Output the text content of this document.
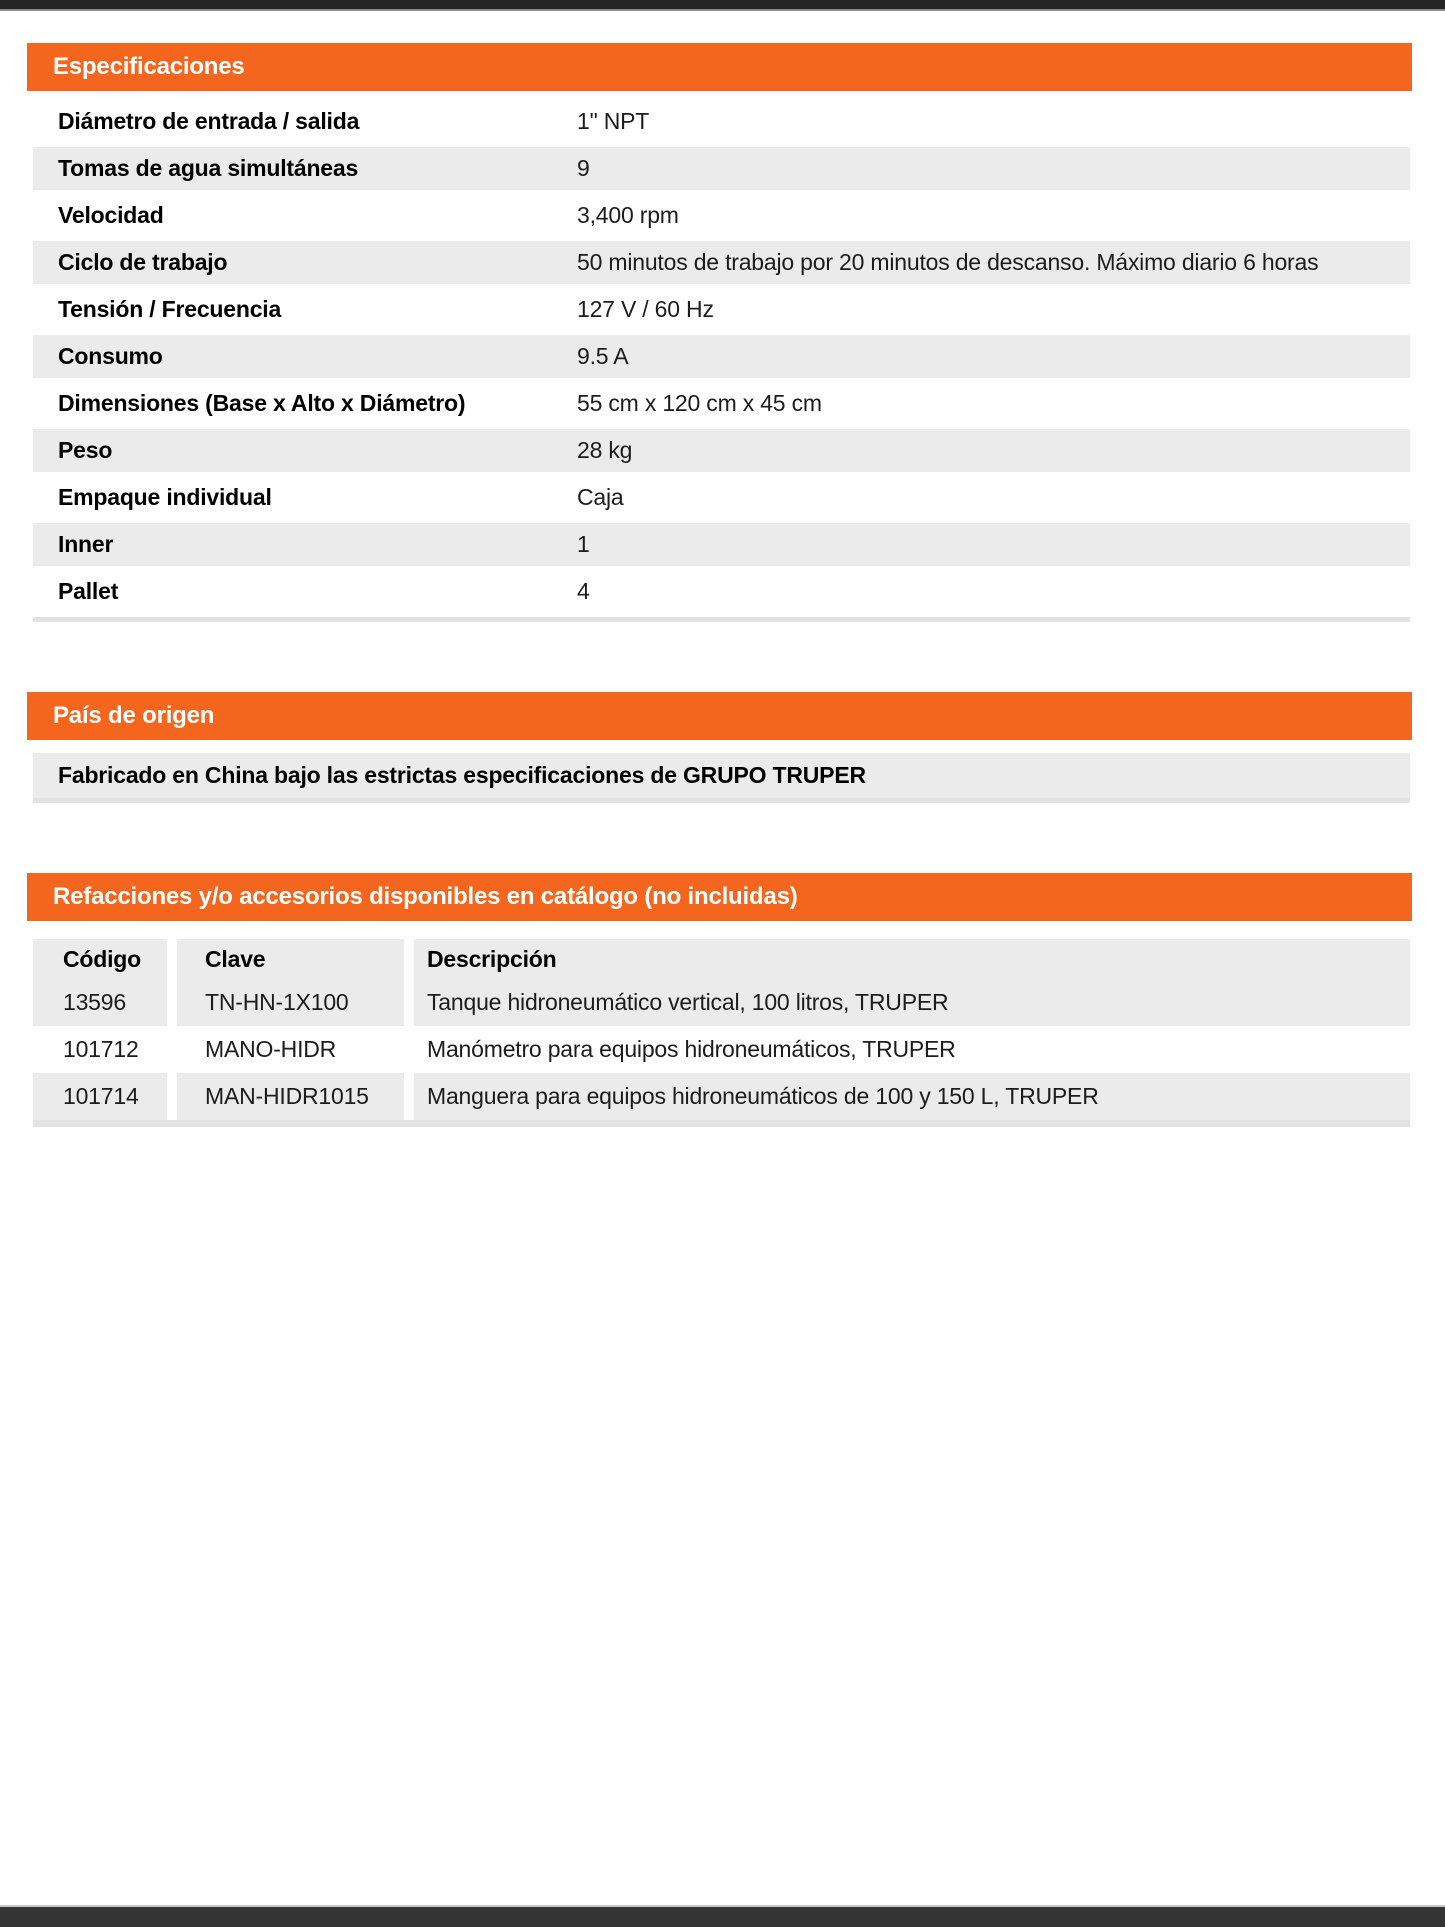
Especificaciones
Diámetro de entrada / salida	1" NPT
Tomas de agua simultáneas	9
Velocidad	3,400 rpm
Ciclo de trabajo	50 minutos de trabajo por 20 minutos de descanso. Máximo diario 6 horas
Tensión / Frecuencia	127 V / 60 Hz
Consumo	9.5 A
Dimensiones (Base x Alto x Diámetro)	55 cm x 120 cm x 45 cm
Peso	28 kg
Empaque individual	Caja
Inner	1
Pallet	4
País de origen
Fabricado en China bajo las estrictas especificaciones de GRUPO TRUPER
Refacciones y/o accesorios disponibles en catálogo (no incluidas)
Código	Clave	Descripción
13596	TN-HN-1X100	Tanque hidroneumático vertical, 100 litros, TRUPER
101712	MANO-HIDR	Manómetro para equipos hidroneumáticos, TRUPER
101714	MAN-HIDR1015	Manguera para equipos hidroneumáticos de 100 y 150 L, TRUPER
